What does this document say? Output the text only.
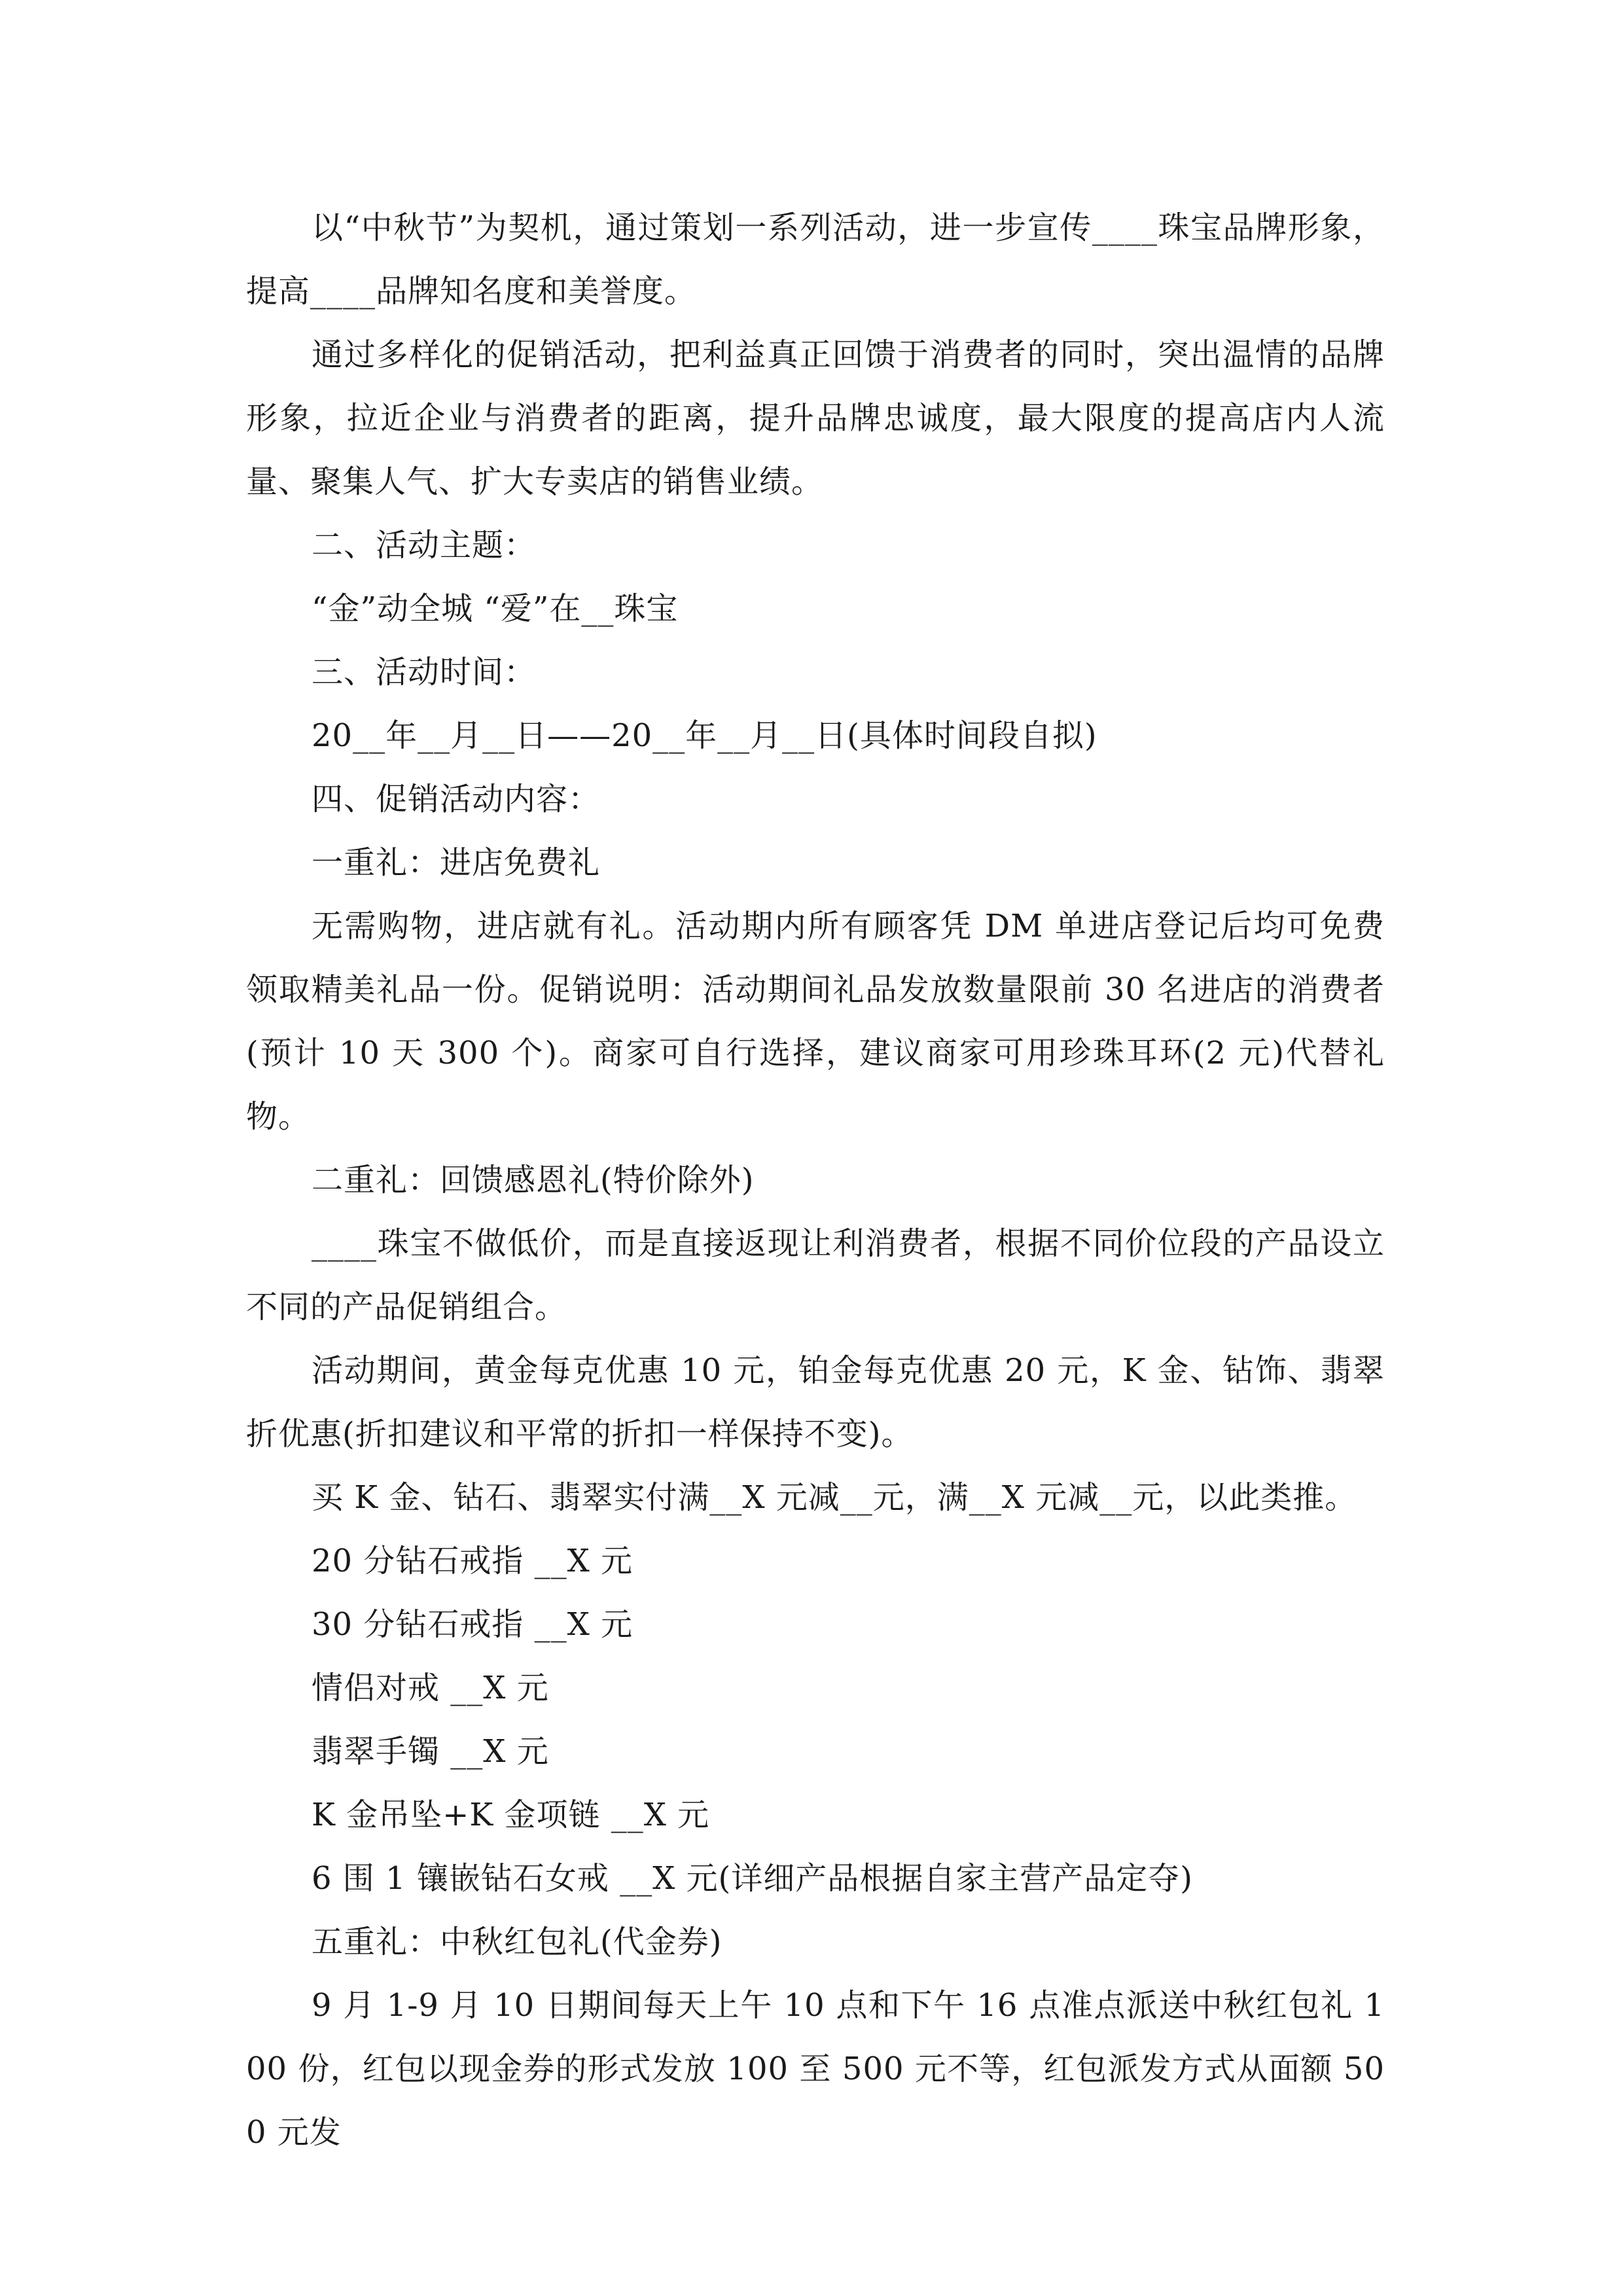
以“中秋节”为契机，通过策划一系列活动，进一步宣传____珠宝品牌形象，提高____品牌知名度和美誉度。

通过多样化的促销活动，把利益真正回馈于消费者的同时，突出温情的品牌形象，拉近企业与消费者的距离，提升品牌忠诚度，最大限度的提高店内人流量、聚集人气、扩大专卖店的销售业绩。

二、活动主题：

“金”动全城 “爱”在__珠宝

三、活动时间：

20__年__月__日——20__年__月__日(具体时间段自拟)

四、促销活动内容：

一重礼：进店免费礼

无需购物，进店就有礼。活动期内所有顾客凭 DM 单进店登记后均可免费领取精美礼品一份。促销说明：活动期间礼品发放数量限前 30 名进店的消费者(预计 10 天 300 个)。商家可自行选择，建议商家可用珍珠耳环(2 元)代替礼物。

二重礼：回馈感恩礼(特价除外)

____珠宝不做低价，而是直接返现让利消费者，根据不同价位段的产品设立不同的产品促销组合。

活动期间，黄金每克优惠 10 元，铂金每克优惠 20 元，K 金、钻饰、翡翠折优惠(折扣建议和平常的折扣一样保持不变)。

买 K 金、钻石、翡翠实付满__X 元减__元，满__X 元减__元，以此类推。

20 分钻石戒指 __X 元

30 分钻石戒指 __X 元

情侣对戒 __X 元

翡翠手镯 __X 元

K 金吊坠+K 金项链 __X 元

6 围 1 镶嵌钻石女戒 __X 元(详细产品根据自家主营产品定夺)

五重礼：中秋红包礼(代金券)

9 月 1-9 月 10 日期间每天上午 10 点和下午 16 点准点派送中秋红包礼 100 份，红包以现金券的形式发放 100 至 500 元不等，红包派发方式从面额 500 元发
